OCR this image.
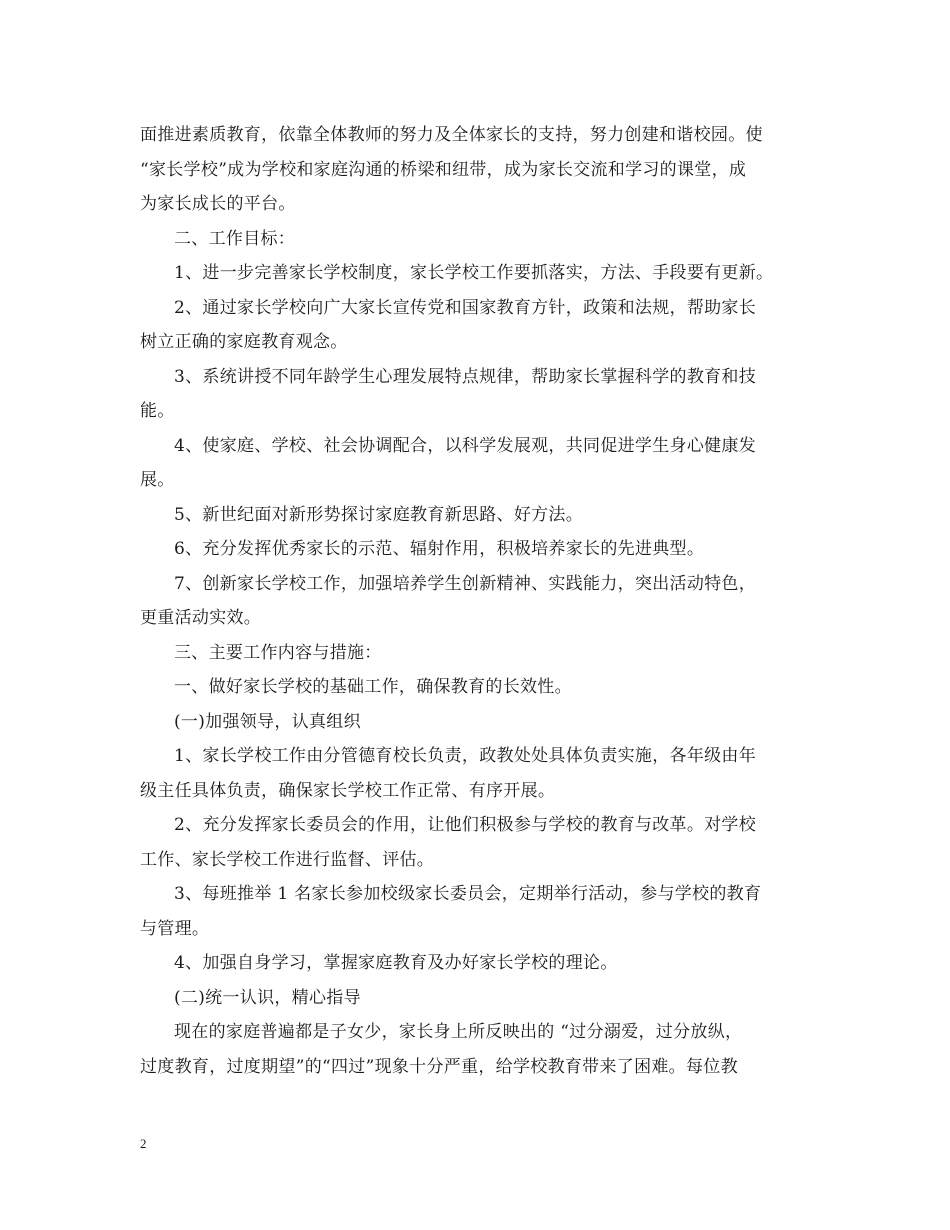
面推进素质教育，依靠全体教师的努力及全体家长的支持，努力创建和谐校园。使
“家长学校”成为学校和家庭沟通的桥梁和纽带，成为家长交流和学习的课堂，成
为家长成长的平台。
二、工作目标：
1、进一步完善家长学校制度，家长学校工作要抓落实，方法、手段要有更新。
2、通过家长学校向广大家长宣传党和国家教育方针，政策和法规，帮助家长
树立正确的家庭教育观念。
3、系统讲授不同年龄学生心理发展特点规律，帮助家长掌握科学的教育和技
能。
4、使家庭、学校、社会协调配合，以科学发展观，共同促进学生身心健康发
展。
5、新世纪面对新形势探讨家庭教育新思路、好方法。
6、充分发挥优秀家长的示范、辐射作用，积极培养家长的先进典型。
7、创新家长学校工作，加强培养学生创新精神、实践能力，突出活动特色，
更重活动实效。
三、主要工作内容与措施：
一、做好家长学校的基础工作，确保教育的长效性。
(一)加强领导，认真组织
1、家长学校工作由分管德育校长负责，政教处处具体负责实施，各年级由年
级主任具体负责，确保家长学校工作正常、有序开展。
2、充分发挥家长委员会的作用，让他们积极参与学校的教育与改革。对学校
工作、家长学校工作进行监督、评估。
3、每班推举 1 名家长参加校级家长委员会，定期举行活动，参与学校的教育
与管理。
4、加强自身学习，掌握家庭教育及办好家长学校的理论。
(二)统一认识，精心指导
现在的家庭普遍都是子女少，家长身上所反映出的 “过分溺爱，过分放纵，
过度教育，过度期望”的“四过”现象十分严重，给学校教育带来了困难。每位教
2
